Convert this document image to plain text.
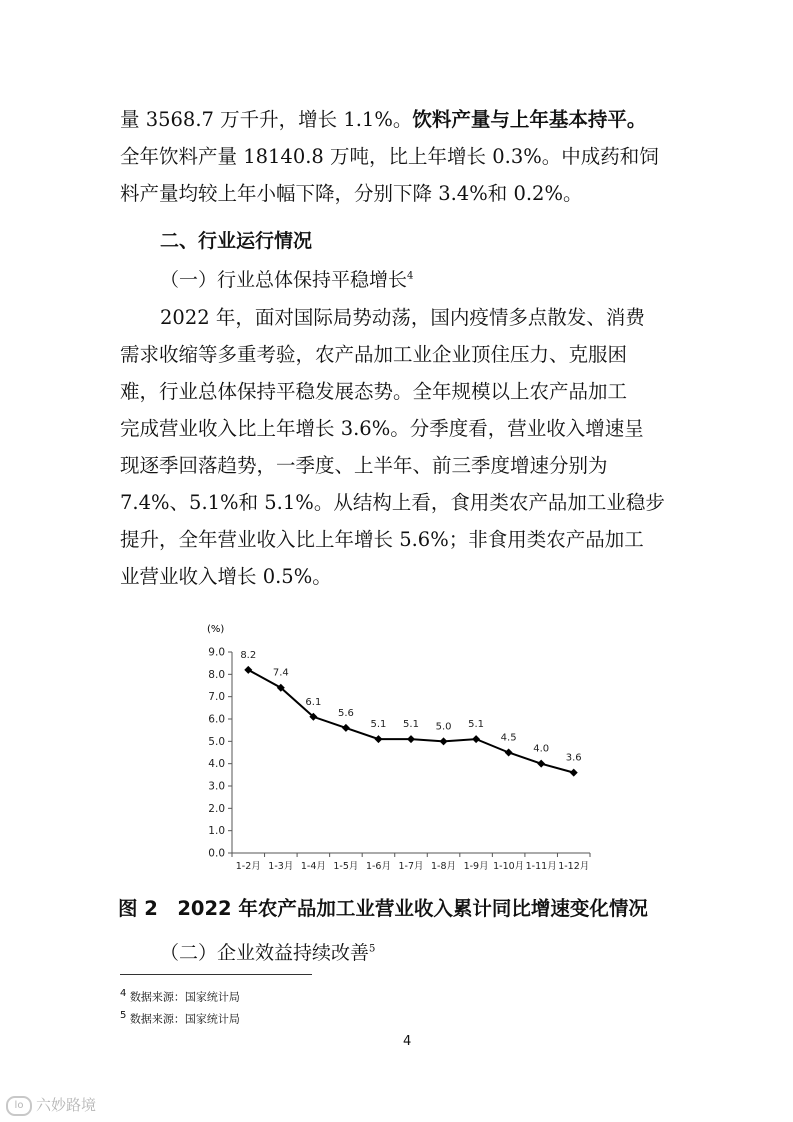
量 3568.7 万千升，增长 1.1%。饮料产量与上年基本持平。
全年饮料产量 18140.8 万吨，比上年增长 0.3%。中成药和饲
料产量均较上年小幅下降，分别下降 3.4%和 0.2%。
二、行业运行情况
（一）行业总体保持平稳增长$^4$
2022 年，面对国际局势动荡，国内疫情多点散发、消费
需求收缩等多重考验，农产品加工业企业顶住压力、克服困
难，行业总体保持平稳发展态势。全年规模以上农产品加工
完成营业收入比上年增长 3.6%。分季度看，营业收入增速呈
现逐季回落趋势，一季度、上半年、前三季度增速分别为
7.4%、5.1%和 5.1%。从结构上看，食用类农产品加工业稳步
提升，全年营业收入比上年增长 5.6%；非食用类农产品加工
业营业收入增长 0.5%。
(%)
0.0
1.0
2.0
3.0
4.0
5.0
6.0
7.0
8.0
9.0
1-2月 1-3月 1-4月 1-5月 1-6月 1-7月 1-8月 1-9月 1-10月 1-11月 1-12月
8.2
7.4
6.1
5.6
5.1 5.1 5.0 5.1
4.5
4.0
3.6
图 2　2022 年农产品加工业营业收入累计同比增速变化情况
（二）企业效益持续改善$^5$
$^4$ 数据来源：国家统计局
$^5$ 数据来源：国家统计局
4
lo 六妙路境
